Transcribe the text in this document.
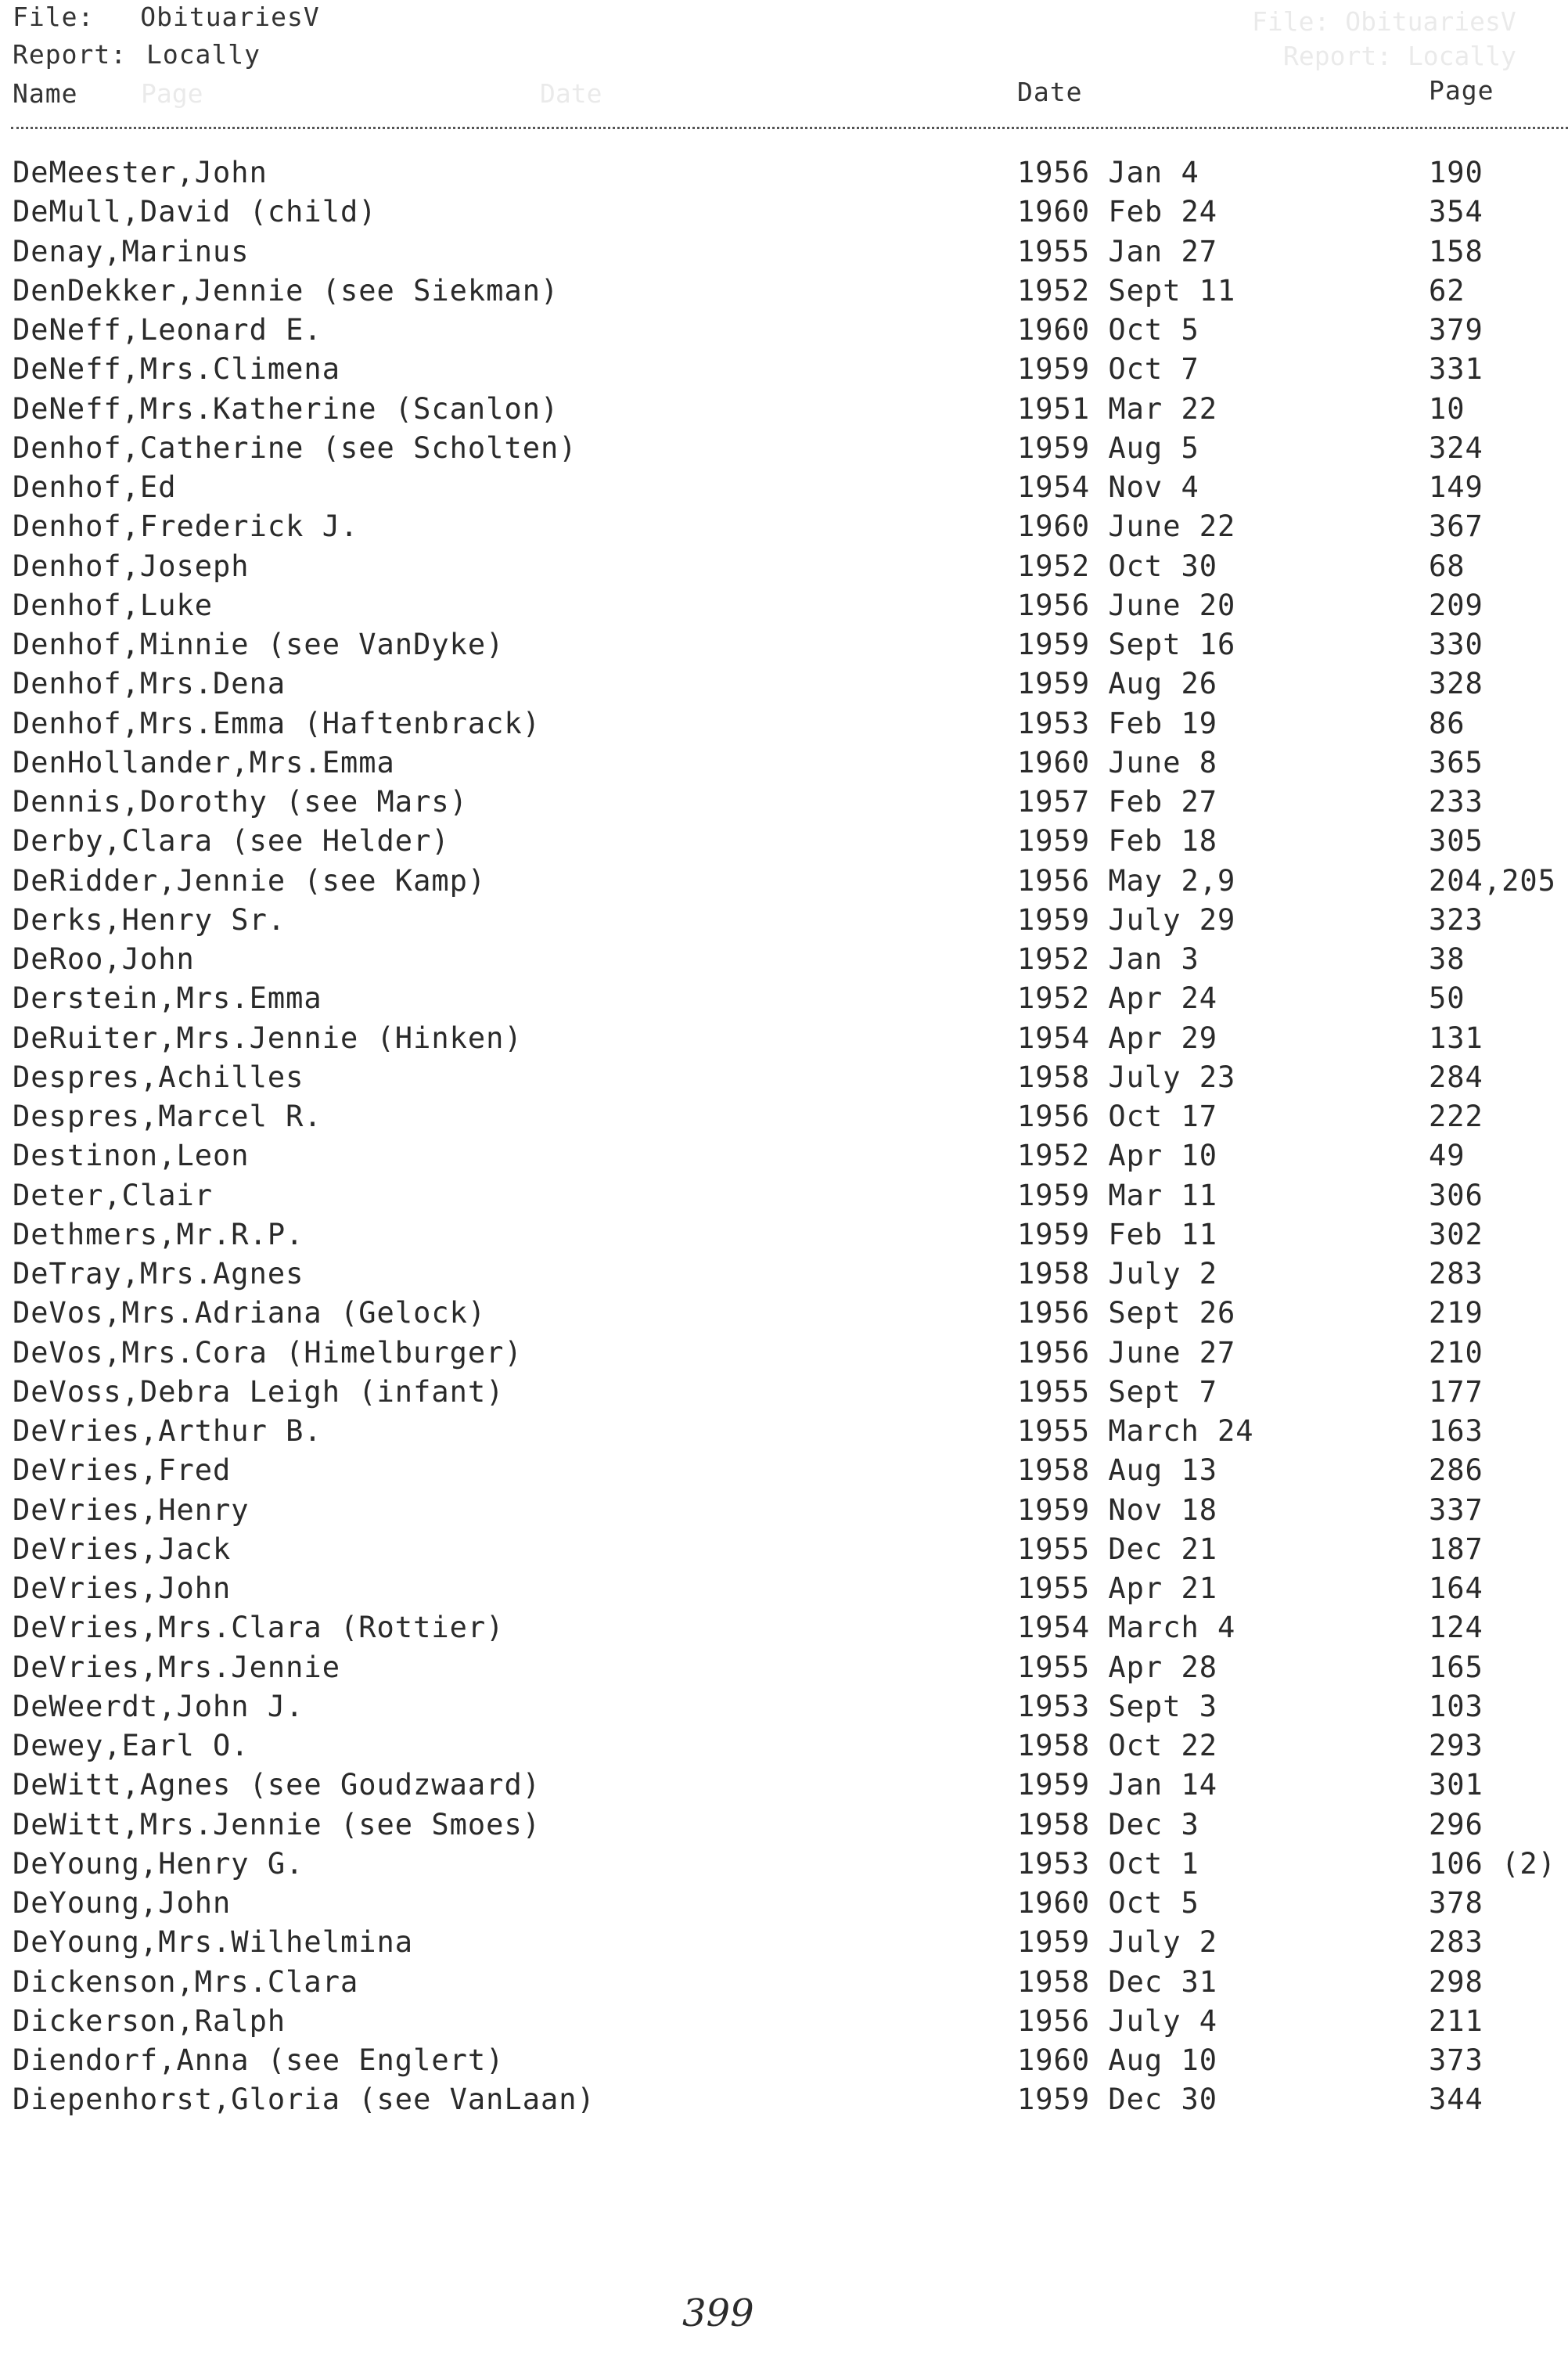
File: ObituariesV
Report: Locally
Page	Date
File: ObituariesV
Report: Locally
Name	Date	Page
DeMeester,John	1956 Jan 4	190
DeMull,David (child)	1960 Feb 24	354
Denay,Marinus	1955 Jan 27	158
DenDekker,Jennie (see Siekman)	1952 Sept 11	62
DeNeff,Leonard E.	1960 Oct 5	379
DeNeff,Mrs.Climena	1959 Oct 7	331
DeNeff,Mrs.Katherine (Scanlon)	1951 Mar 22	10
Denhof,Catherine (see Scholten)	1959 Aug 5	324
Denhof,Ed	1954 Nov 4	149
Denhof,Frederick J.	1960 June 22	367
Denhof,Joseph	1952 Oct 30	68
Denhof,Luke	1956 June 20	209
Denhof,Minnie (see VanDyke)	1959 Sept 16	330
Denhof,Mrs.Dena	1959 Aug 26	328
Denhof,Mrs.Emma (Haftenbrack)	1953 Feb 19	86
DenHollander,Mrs.Emma	1960 June 8	365
Dennis,Dorothy (see Mars)	1957 Feb 27	233
Derby,Clara (see Helder)	1959 Feb 18	305
DeRidder,Jennie (see Kamp)	1956 May 2,9	204,205
Derks,Henry Sr.	1959 July 29	323
DeRoo,John	1952 Jan 3	38
Derstein,Mrs.Emma	1952 Apr 24	50
DeRuiter,Mrs.Jennie (Hinken)	1954 Apr 29	131
Despres,Achilles	1958 July 23	284
Despres,Marcel R.	1956 Oct 17	222
Destinon,Leon	1952 Apr 10	49
Deter,Clair	1959 Mar 11	306
Dethmers,Mr.R.P.	1959 Feb 11	302
DeTray,Mrs.Agnes	1958 July 2	283
DeVos,Mrs.Adriana (Gelock)	1956 Sept 26	219
DeVos,Mrs.Cora (Himelburger)	1956 June 27	210
DeVoss,Debra Leigh (infant)	1955 Sept 7	177
DeVries,Arthur B.	1955 March 24	163
DeVries,Fred	1958 Aug 13	286
DeVries,Henry	1959 Nov 18	337
DeVries,Jack	1955 Dec 21	187
DeVries,John	1955 Apr 21	164
DeVries,Mrs.Clara (Rottier)	1954 March 4	124
DeVries,Mrs.Jennie	1955 Apr 28	165
DeWeerdt,John J.	1953 Sept 3	103
Dewey,Earl O.	1958 Oct 22	293
DeWitt,Agnes (see Goudzwaard)	1959 Jan 14	301
DeWitt,Mrs.Jennie (see Smoes)	1958 Dec 3	296
DeYoung,Henry G.	1953 Oct 1	106 (2)
DeYoung,John	1960 Oct 5	378
DeYoung,Mrs.Wilhelmina	1959 July 2	283
Dickenson,Mrs.Clara	1958 Dec 31	298
Dickerson,Ralph	1956 July 4	211
Diendorf,Anna (see Englert)	1960 Aug 10	373
Diepenhorst,Gloria (see VanLaan)	1959 Dec 30	344
399
